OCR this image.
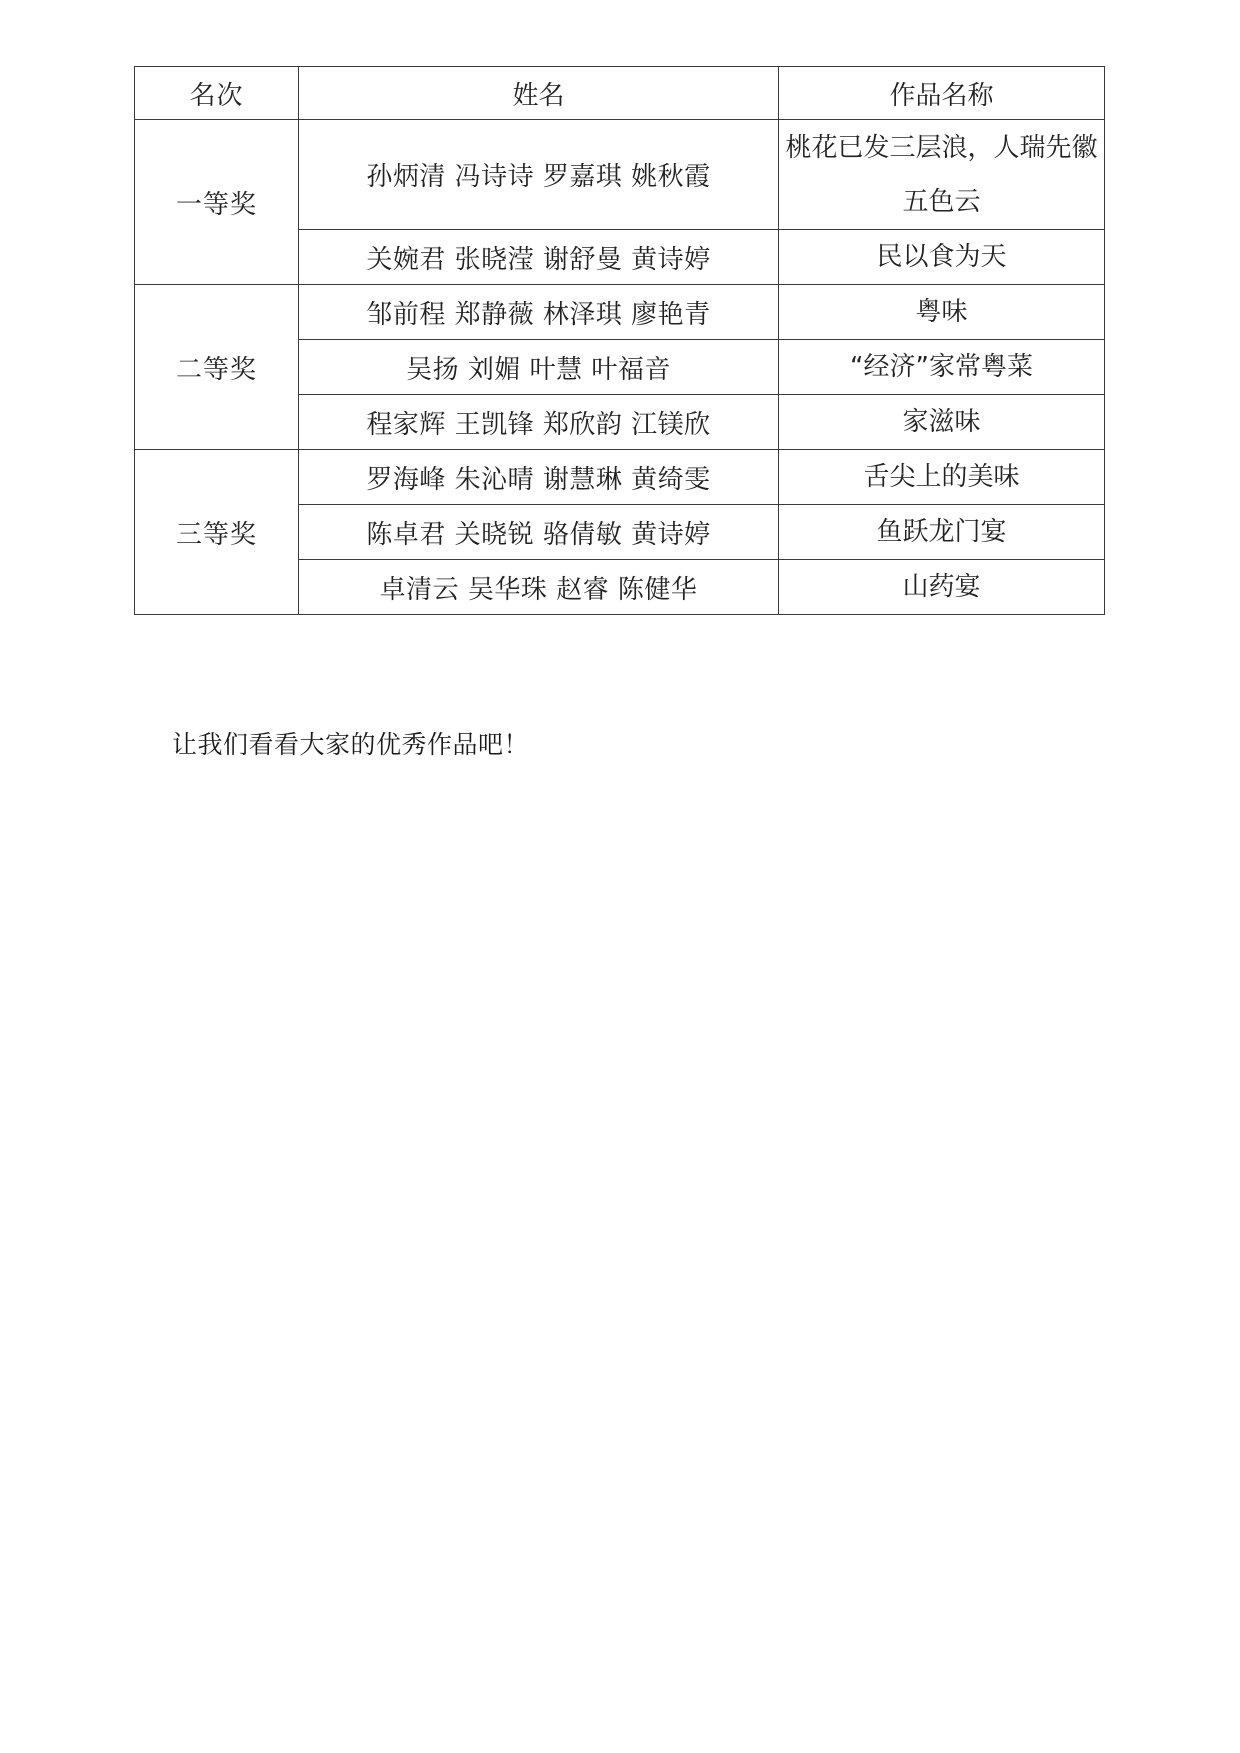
名次	姓名	作品名称
一等奖	孙炳清 冯诗诗 罗嘉琪 姚秋霞	桃花已发三层浪，人瑞先徽五色云
	关婉君 张晓滢 谢舒曼 黄诗婷	民以食为天
二等奖	邹前程 郑静薇 林泽琪 廖艳青	粤味
	吴扬 刘媚 叶慧 叶福音	“经济”家常粤菜
	程家辉 王凯锋 郑欣韵 江镁欣	家滋味
三等奖	罗海峰 朱沁晴 谢慧琳 黄绮雯	舌尖上的美味
	陈卓君 关晓锐 骆倩敏 黄诗婷	鱼跃龙门宴
	卓清云 吴华珠 赵睿 陈健华	山药宴

让我们看看大家的优秀作品吧！
